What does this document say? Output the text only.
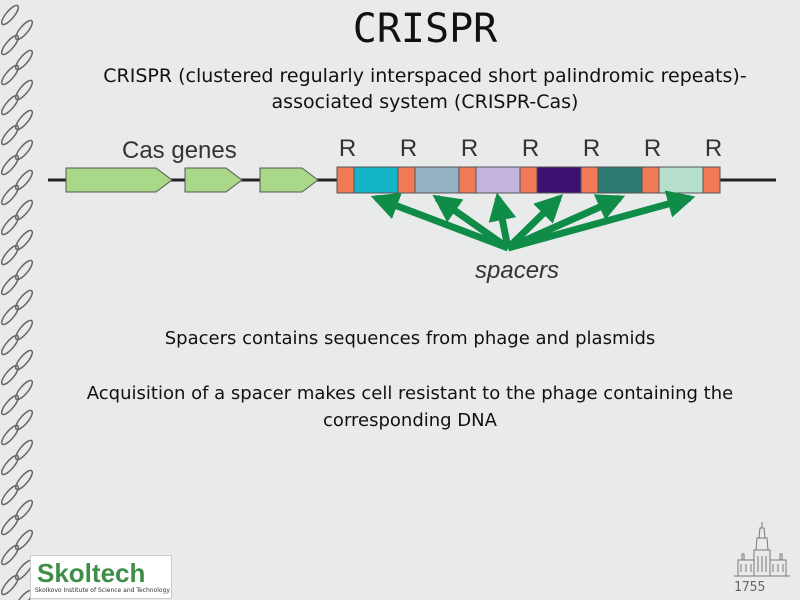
CRISPR
CRISPR (clustered regularly interspaced short palindromic repeats)-associated system (CRISPR-Cas)
Cas genes	R R R R R R R
spacers
Spacers contains sequences from phage and plasmids
Acquisition of a spacer makes cell resistant to the phage containing the corresponding DNA
Skoltech
Skolkovo Institute of Science and Technology	1755
